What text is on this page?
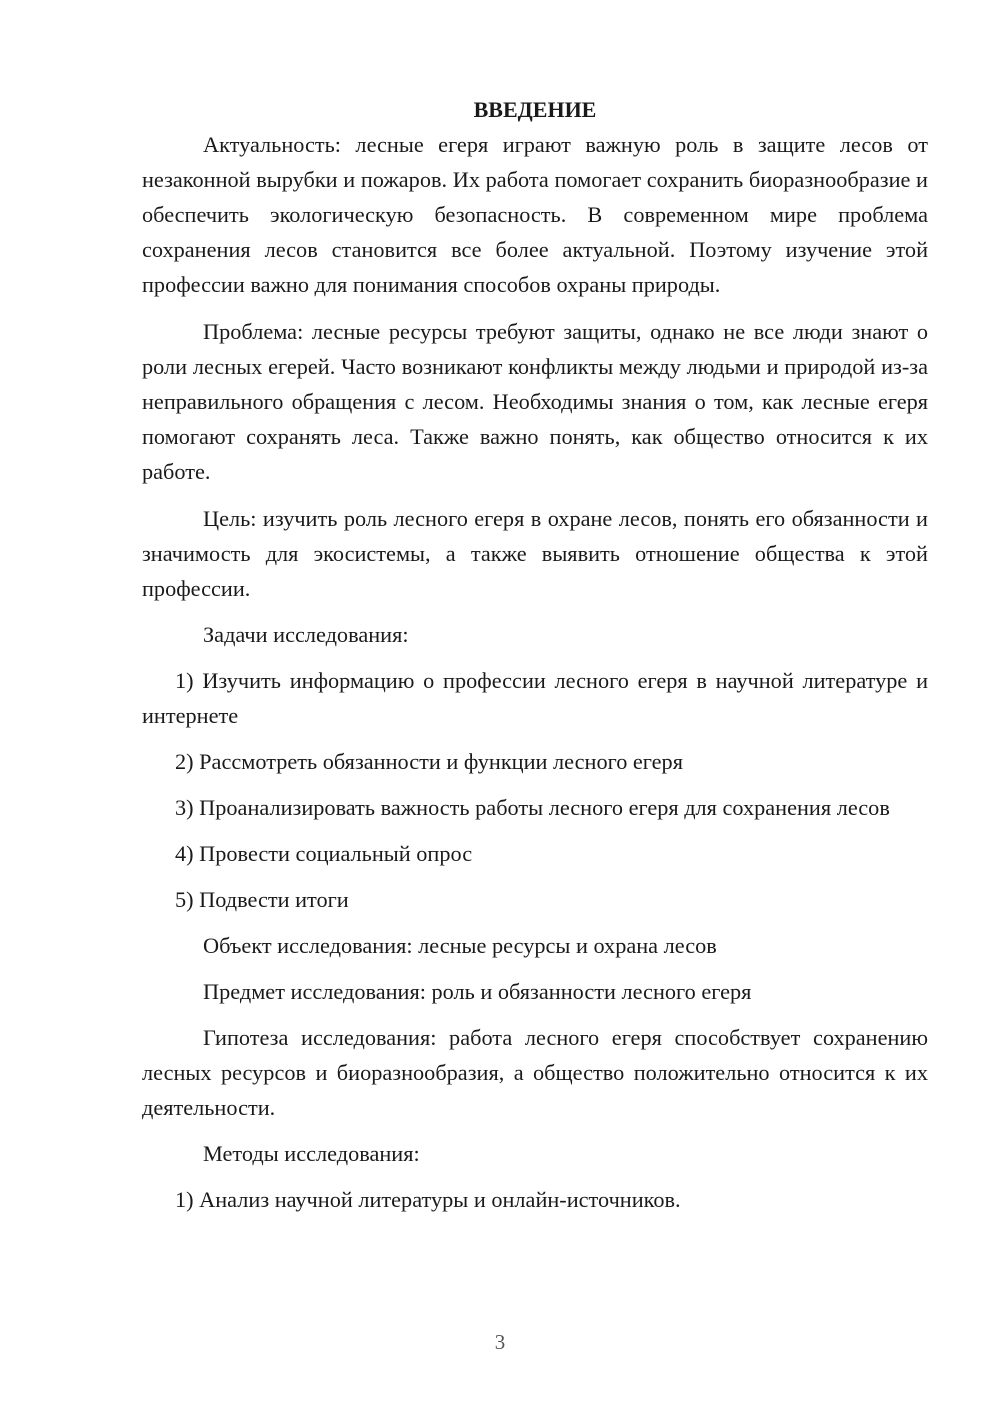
ВВЕДЕНИЕ

Актуальность: лесные егеря играют важную роль в защите лесов от незаконной вырубки и пожаров. Их работа помогает сохранить биоразнообразие и обеспечить экологическую безопасность. В современном мире проблема сохранения лесов становится все более актуальной. Поэтому изучение этой профессии важно для понимания способов охраны природы.

Проблема: лесные ресурсы требуют защиты, однако не все люди знают о роли лесных егерей. Часто возникают конфликты между людьми и природой из-за неправильного обращения с лесом. Необходимы знания о том, как лесные егеря помогают сохранять леса. Также важно понять, как общество относится к их работе.

Цель: изучить роль лесного егеря в охране лесов, понять его обязанности и значимость для экосистемы, а также выявить отношение общества к этой профессии.

Задачи исследования:

1) Изучить информацию о профессии лесного егеря в научной литературе и интернете

2) Рассмотреть обязанности и функции лесного егеря

3) Проанализировать важность работы лесного егеря для сохранения лесов

4) Провести социальный опрос

5) Подвести итоги

Объект исследования: лесные ресурсы и охрана лесов

Предмет исследования: роль и обязанности лесного егеря

Гипотеза исследования: работа лесного егеря способствует сохранению лесных ресурсов и биоразнообразия, а общество положительно относится к их деятельности.

Методы исследования:

1) Анализ научной литературы и онлайн-источников.

3
